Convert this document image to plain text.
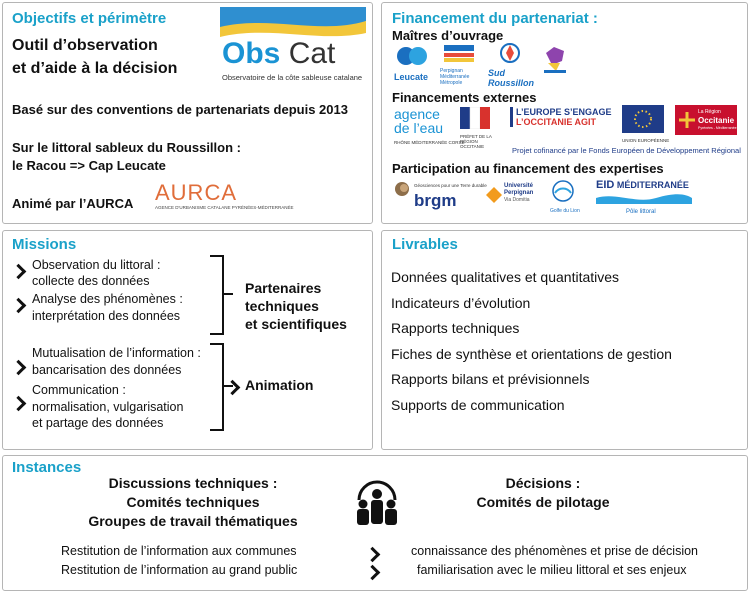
Objectifs et périmètre
Outil d’observation
et d’aide à la décision Obs Cat
Observatoire de la côte sableuse catalane
Basé sur des conventions de partenariats depuis 2013
Sur le littoral sableux du Roussillon :
le Racou => Cap Leucate
Animé par l’AURCA AURCA
AGENCE D'URBANISME CATALANE PYRÉNÉES-MÉDITERRANÉE
Financement du partenariat :
Maîtres d’ouvrage
Leucate
Perpignan Méditerranée Métropole
Sud Roussillon
Financements externes
agence
de l’eau
RHÔNE MÉDITERRANÉE CORSE
PRÉFET DE LA RÉGION OCCITANIE
L’EUROPE S’ENGAGE
L’OCCITANIE AGIT
UNION EUROPÉENNE
La Région
Occitanie
Pyrénées - Méditerranée
Projet cofinancé par le Fonds Européen de Développement Régional
Participation au financement des expertises
Géosciences pour une Terre durable
brgm
Université
Perpignan
Via Domitia
Golfe du Lion
EID MÉDITERRANÉE
Pôle littoral
Missions
Observation du littoral :
collecte des données
Analyse des phénomènes :
interprétation des données
Mutualisation de l’information :
bancarisation des données
Communication :
normalisation, vulgarisation
et partage des données
Partenaires
techniques
et scientifiques
Animation
Livrables
Données qualitatives et quantitatives
Indicateurs d’évolution
Rapports techniques
Fiches de synthèse et orientations de gestion
Rapports bilans et prévisionnels
Supports de communication
Instances
Discussions techniques :
Comités techniques
Groupes de travail thématiques
Décisions :
Comités de pilotage
Restitution de l’information aux communes	connaissance des phénomènes et prise de décision
Restitution de l’information au grand public	familiarisation avec le milieu littoral et ses enjeux
